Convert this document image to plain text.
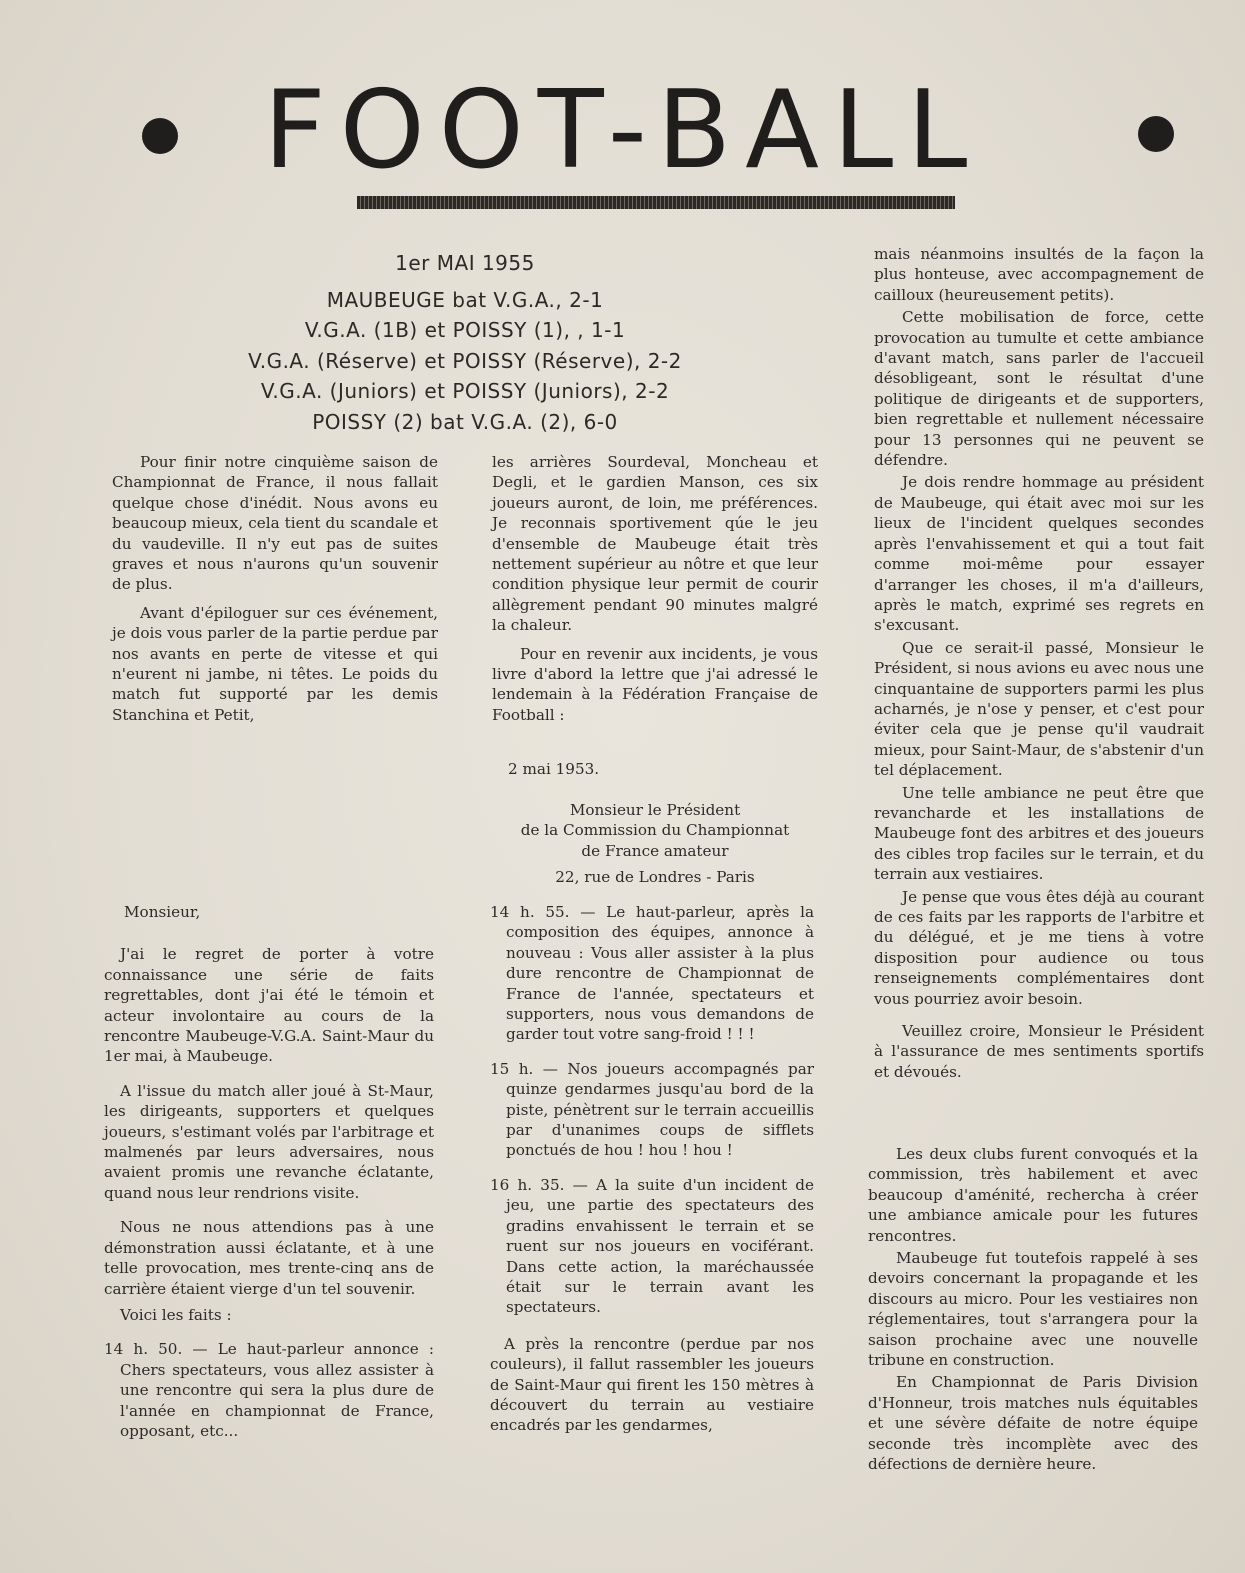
FOOT-BALL
1er MAI 1955
MAUBEUGE bat V.G.A., 2-1
V.G.A. (1B) et POISSY (1), , 1-1
V.G.A. (Réserve) et POISSY (Réserve), 2-2
V.G.A. (Juniors) et POISSY (Juniors), 2-2
POISSY (2) bat V.G.A. (2), 6-0

Pour finir notre cinquième saison de Championnat de France, il nous fallait quelque chose d'inédit. Nous avons eu beaucoup mieux, cela tient du scandale et du vaudeville. Il n'y eut pas de suites graves et nous n'aurons qu'un souvenir de plus.

Avant d'épiloguer sur ces événement, je dois vous parler de la partie perdue par nos avants en perte de vitesse et qui n'eurent ni jambe, ni têtes. Le poids du match fut supporté par les demis Stanchina et Petit,

les arrières Sourdeval, Moncheau et Degli, et le gardien Manson, ces six joueurs auront, de loin, me préférences. Je reconnais sportivement qúe le jeu d'ensemble de Maubeuge était très nettement supérieur au nôtre et que leur condition physique leur permit de courir allègrement pendant 90 minutes malgré la chaleur.

Pour en revenir aux incidents, je vous livre d'abord la lettre que j'ai adressé le lendemain à la Fédération Française de Football :

2 mai 1953.

Monsieur le Président

de la Commission du Championnat

de France amateur

22, rue de Londres - Paris

Monsieur,

J'ai le regret de porter à votre connaissance une série de faits regrettables, dont j'ai été le témoin et acteur involontaire au cours de la rencontre Maubeuge-V.G.A. Saint-Maur du 1er mai, à Maubeuge.

A l'issue du match aller joué à St-Maur, les dirigeants, supporters et quelques joueurs, s'estimant volés par l'arbitrage et malmenés par leurs adversaires, nous avaient promis une revanche éclatante, quand nous leur rendrions visite.

Nous ne nous attendions pas à une démonstration aussi éclatante, et à une telle provocation, mes trente-cinq ans de carrière étaient vierge d'un tel souvenir.

Voici les faits :

14 h. 50. — Le haut-parleur annonce : Chers spectateurs, vous allez assister à une rencontre qui sera la plus dure de l'année en championnat de France, opposant, etc...

14 h. 55. — Le haut-parleur, après la composition des équipes, annonce à nouveau : Vous aller assister à la plus dure rencontre de Championnat de France de l'année, spectateurs et supporters, nous vous demandons de garder tout votre sang-froid ! ! !

15 h. — Nos joueurs accompagnés par quinze gendarmes jusqu'au bord de la piste, pénètrent sur le terrain accueillis par d'unanimes coups de sifflets ponctués de hou ! hou ! hou !

16 h. 35. — A la suite d'un incident de jeu, une partie des spectateurs des gradins envahissent le terrain et se ruent sur nos joueurs en vociférant. Dans cette action, la maréchaussée était sur le terrain avant les spectateurs.

A près la rencontre (perdue par nos couleurs), il fallut rassembler les joueurs de Saint-Maur qui firent les 150 mètres à découvert du terrain au vestiaire encadrés par les gendarmes,

mais néanmoins insultés de la façon la plus honteuse, avec accompagnement de cailloux (heureusement petits).

Cette mobilisation de force, cette provocation au tumulte et cette ambiance d'avant match, sans parler de l'accueil désobligeant, sont le résultat d'une politique de dirigeants et de supporters, bien regrettable et nullement nécessaire pour 13 personnes qui ne peuvent se défendre.

Je dois rendre hommage au président de Maubeuge, qui était avec moi sur les lieux de l'incident quelques secondes après l'envahissement et qui a tout fait comme moi-même pour essayer d'arranger les choses, il m'a d'ailleurs, après le match, exprimé ses regrets en s'excusant.

Que ce serait-il passé, Monsieur le Président, si nous avions eu avec nous une cinquantaine de supporters parmi les plus acharnés, je n'ose y penser, et c'est pour éviter cela que je pense qu'il vaudrait mieux, pour Saint-Maur, de s'abstenir d'un tel déplacement.

Une telle ambiance ne peut être que revancharde et les installations de Maubeuge font des arbitres et des joueurs des cibles trop faciles sur le terrain, et du terrain aux vestiaires.

Je pense que vous êtes déjà au courant de ces faits par les rapports de l'arbitre et du délégué, et je me tiens à votre disposition pour audience ou tous renseignements complémentaires dont vous pourriez avoir besoin.

Veuillez croire, Monsieur le Président à l'assurance de mes sentiments sportifs et dévoués.

Les deux clubs furent convoqués et la commission, très habilement et avec beaucoup d'aménité, rechercha à créer une ambiance amicale pour les futures rencontres.

Maubeuge fut toutefois rappelé à ses devoirs concernant la propagande et les discours au micro. Pour les vestiaires non réglementaires, tout s'arrangera pour la saison prochaine avec une nouvelle tribune en construction.

En Championnat de Paris Division d'Honneur, trois matches nuls équitables et une sévère défaite de notre équipe seconde très incomplète avec des défections de dernière heure.
